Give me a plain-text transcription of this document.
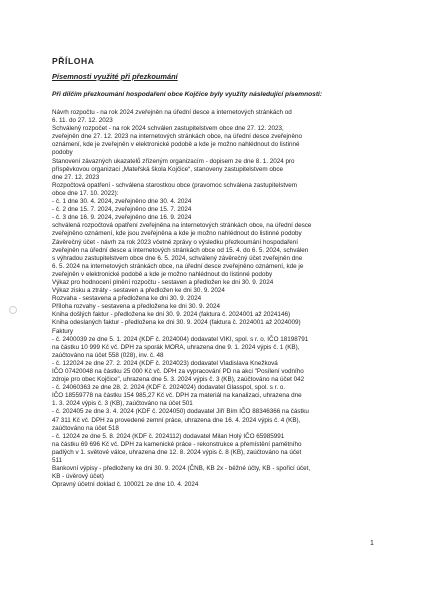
PŘÍLOHA
Písemnosti využité při přezkoumání
Při dílčím přezkoumání hospodaření obce Kojčice byly využity následující písemnosti:
Návrh rozpočtu - na rok 2024 zveřejněn na úřední desce a internetových stránkách od
6. 11. do 27. 12. 2023
Schválený rozpočet - na rok 2024 schválen zastupitelstvem obce dne 27. 12. 2023,
zveřejněn dne 27. 12. 2023 na internetových stránkách obce, na úřední desce zveřejněno
oznámení, kde je zveřejněn v elektronické podobě a kde je možno nahlédnout do listinné
podoby
Stanovení závazných ukazatelů zřízeným organizacím - dopisem ze dne 8. 1. 2024 pro
příspěvkovou organizaci „Mateřská škola Kojčice“, stanoveny zastupitelstvem obce
dne 27. 12. 2023
Rozpočtová opatření - schválena starostkou obce (pravomoc schválena zastupitelstvem
obce dne 17. 10. 2022):
- č. 1 dne 30. 4. 2024, zveřejněno dne 30. 4. 2024
- č. 2 dne 15. 7. 2024, zveřejněno dne 15. 7. 2024
- č. 3 dne 16. 9. 2024, zveřejněno dne 16. 9. 2024
schválená rozpočtová opatření zveřejněna na internetových stránkách obce, na úřední desce
zveřejněno oznámení, kde jsou zveřejněna a kde je možno nahlédnout do listinné podoby
Závěrečný účet - návrh za rok 2023 včetně zprávy o výsledku přezkoumání hospodaření
zveřejněn na úřední desce a internetových stránkách obce od 15. 4. do 6. 5. 2024, schválen
s výhradou zastupitelstvem obce dne 6. 5. 2024, schválený závěrečný účet zveřejněn dne
6. 5. 2024 na internetových stránkách obce, na úřední desce zveřejněno oznámení, kde je
zveřejněn v elektronické podobě a kde je možno nahlédnout do listinné podoby
Výkaz pro hodnocení plnění rozpočtu - sestaven a předložen ke dni 30. 9. 2024
Výkaz zisku a ztráty - sestaven a předložen ke dni 30. 9. 2024
Rozvaha - sestavena a předložena ke dni 30. 9. 2024
Příloha rozvahy - sestavena a předložena ke dni 30. 9. 2024
Kniha došlých faktur - předložena ke dni 30. 9. 2024 (faktura č. 2024001 až 2024146)
Kniha odeslaných faktur - předložena ke dni 30. 9. 2024 (faktura č. 2024001 až 2024009)
Faktury
- č. 2400039 ze dne 5. 1. 2024 (KDF č. 2024004) dodavatel VIKI, spol. s r. o. IČO 18198791
na částku 10 999 Kč vč. DPH za sporák MORA, uhrazena dne 9. 1. 2024 výpis č. 1 (KB),
zaúčtováno na účet 558 (028), inv. č. 48
- č. 122024 ze dne 27. 2. 2024 (KDF č. 2024023) dodavatel Vladislava Knežková
IČO 07420048 na částku 25 000 Kč vč. DPH za vypracování PD na akci "Posílení vodního
zdroje pro obec Kojčice", uhrazena dne 5. 3. 2024 výpis č. 3 (KB), zaúčtováno na účet 042
- č. 24060363 ze dne 28. 2. 2024 (KDF č. 2024024) dodavatel Glasspol, spol. s r. o.
IČO 18559778 na částku 154 985,27 Kč vč. DPH za materiál na kanalizaci, uhrazena dne
1. 3. 2024 výpis č. 3 (KB), zaúčtováno na účet 501
- č. 202405 ze dne 3. 4. 2024 (KDF č. 2024050) dodavatel Jiří Bím IČO 88346366 na částku
47 311 Kč vč. DPH za provedené zemní práce, uhrazena dne 16. 4. 2024 výpis č. 4 (KB),
zaúčtováno na účet 518
- č. 12024 ze dne 5. 8. 2024 (KDF č. 2024112) dodavatel Milan Holý IČO 65985991
na částku 69 696 Kč vč. DPH za kamenické práce - rekonstrukce a přemístění pamětního
padlých v 1. světové válce, uhrazena dne 12. 8. 2024 výpis č. 8 (KB), zaúčtováno na účet
511
Bankovní výpisy - předloženy ke dni 30. 9. 2024 (ČNB, KB 2x - běžné účty, KB - spořicí účet,
KB - úvěrový účet)
Opravný účetní doklad č. 100021 ze dne 10. 4. 2024
1
